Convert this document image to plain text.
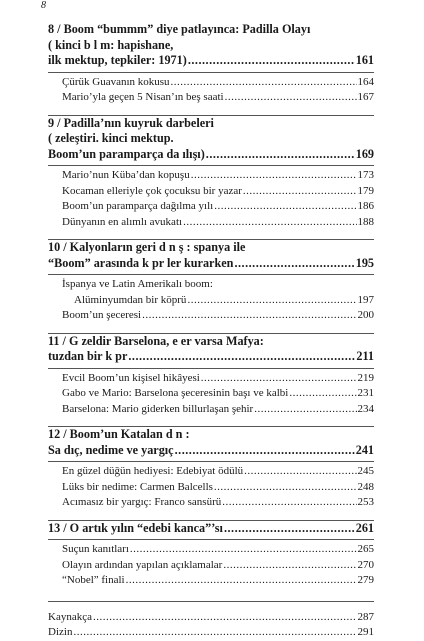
8
8 / Boom “bummm” diye patlayınca: Padilla Olayı
( kinci b l m: hapishane,
ilk mektup, tepkiler: 1971) .....	161
Çürük Guavanın kokusu .....	164
Mario’yla geçen 5 Nisan’ın beş saati .....	167
9 / Padilla’nın kuyruk darbeleri
( zeleştiri. kinci mektup.
Boom’un paramparça da ılışı) .....	169
Mario’nun Küba’dan kopuşu .....	173
Kocaman elleriyle çok çocuksu bir yazar .....	179
Boom’un paramparça dağılma yılı .....	186
Dünyanın en alımlı avukatı .....	188
10 / Kalyonların geri d n ş : spanya ile
“Boom” arasında k pr ler kurarken .....	195
İspanya ve Latin Amerikalı boom:
Alüminyumdan bir köprü .....	197
Boom’un şeceresi .....	200
11 / G zeldir Barselona, e er varsa Mafya:
tuzdan bir k pr .....	211
Evcil Boom’un kişisel hikâyesi .....	219
Gabo ve Mario: Barselona şeceresinin başı ve kalbi .....	231
Barselona: Mario giderken billurlaşan şehir .....	234
12 / Boom’un Katalan d n :
Sa dıç, nedime ve yargıç .....	241
En güzel düğün hediyesi: Edebiyat ödülü .....	245
Lüks bir nedime: Carmen Balcells .....	248
Acımasız bir yargıç: Franco sansürü .....	253
13 / O artık yılın “edebi kanca”’sı .....	261
Suçun kanıtları .....	265
Olayın ardından yapılan açıklamalar .....	270
“Nobel” finali .....	279
Kaynakça .....	287
Dizin .....	291
